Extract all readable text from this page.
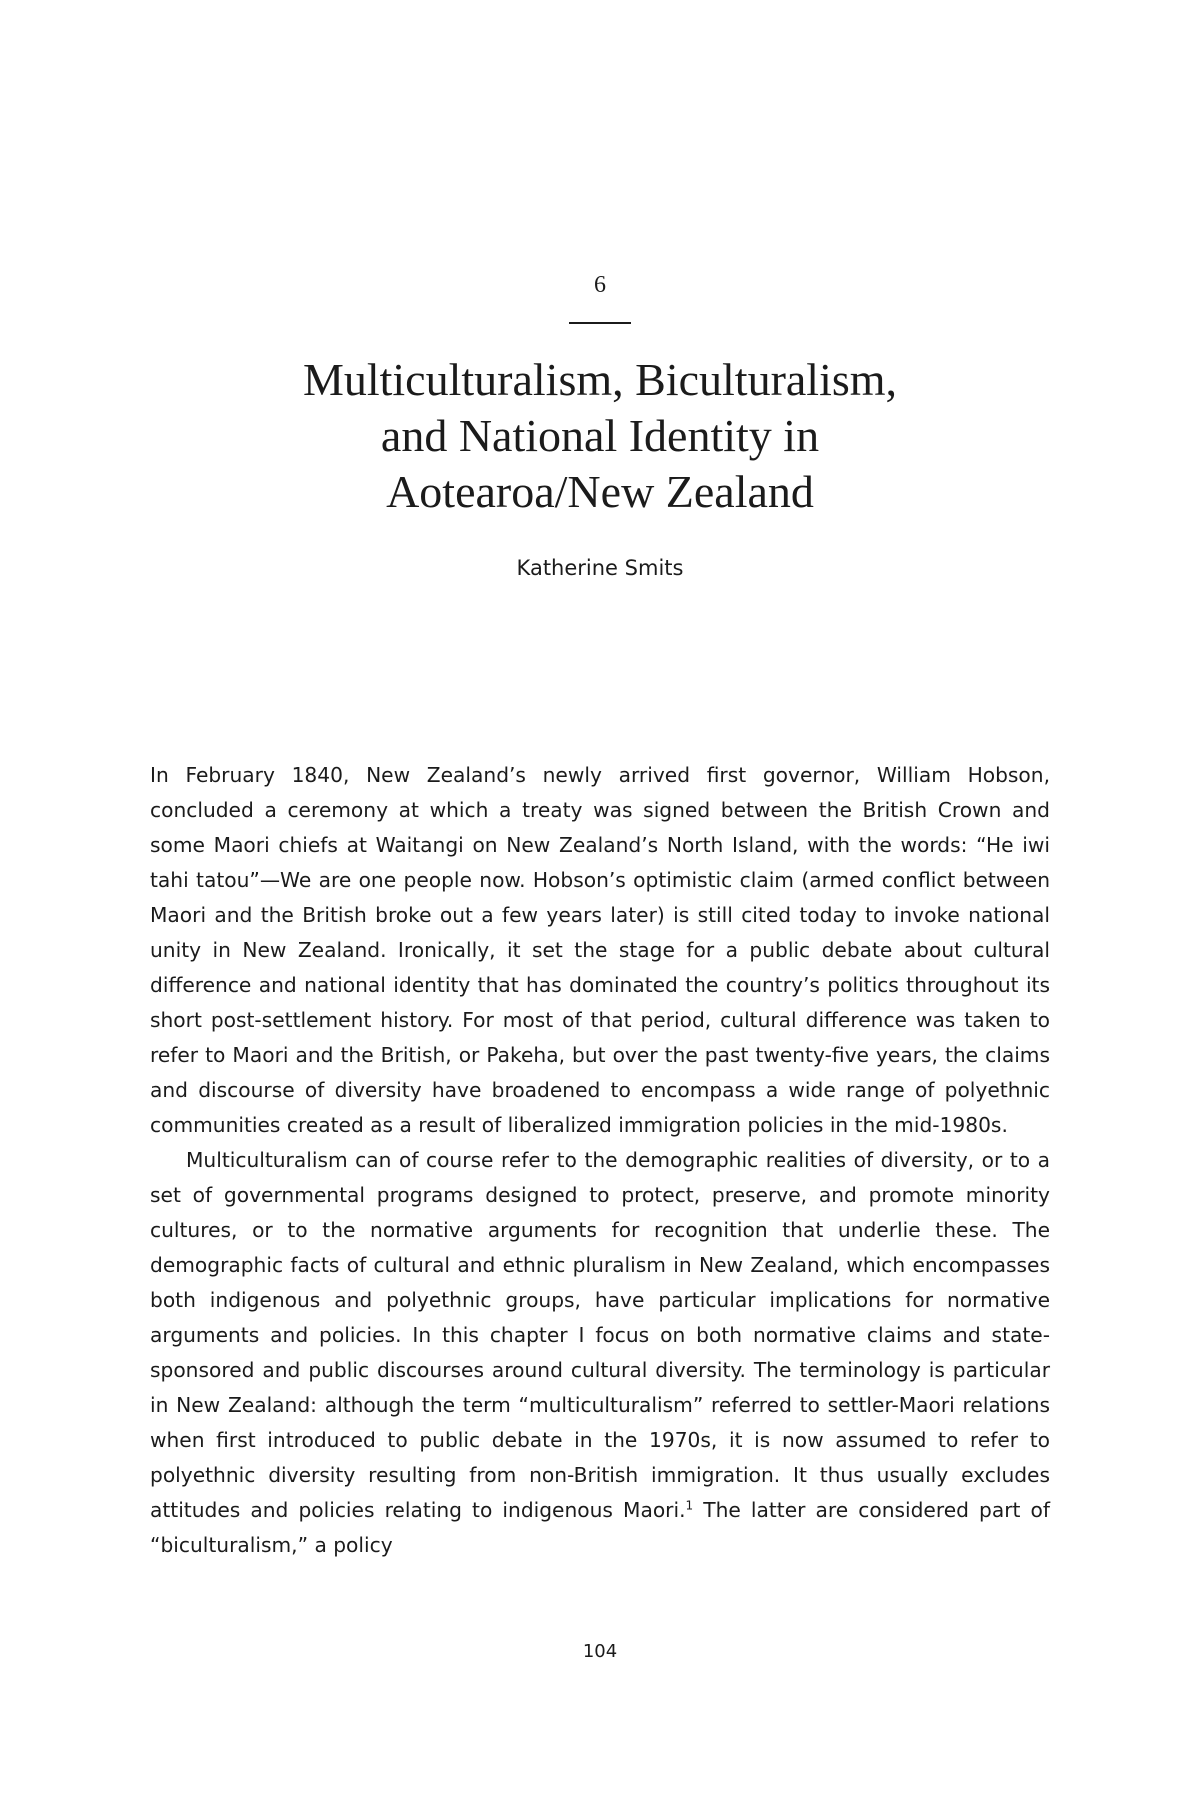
6
Multiculturalism, Biculturalism,
and National Identity in
Aotearoa/New Zealand
Katherine Smits

In February 1840, New Zealand’s newly arrived first governor, William Hobson, concluded a ceremony at which a treaty was signed between the British Crown and some Maori chiefs at Waitangi on New Zealand’s North Island, with the words: “He iwi tahi tatou”—We are one people now. Hobson’s optimistic claim (armed conflict between Maori and the British broke out a few years later) is still cited today to invoke national unity in New Zealand. Ironically, it set the stage for a public debate about cultural difference and national identity that has dominated the country’s politics throughout its short post-settlement history. For most of that period, cultural difference was taken to refer to Maori and the British, or Pakeha, but over the past twenty-five years, the claims and discourse of diversity have broadened to encompass a wide range of polyethnic communities created as a result of liberalized immigration policies in the mid-1980s.

Multiculturalism can of course refer to the demographic realities of diversity, or to a set of governmental programs designed to protect, preserve, and promote minority cultures, or to the normative arguments for recognition that underlie these. The demographic facts of cultural and ethnic pluralism in New Zealand, which encompasses both indigenous and polyethnic groups, have particular implications for normative arguments and policies. In this chapter I focus on both normative claims and state-sponsored and public discourses around cultural diversity. The terminology is particular in New Zealand: although the term “multiculturalism” referred to settler-Maori relations when first introduced to public debate in the 1970s, it is now assumed to refer to polyethnic diversity resulting from non-British immigration. It thus usually excludes attitudes and policies relating to indigenous Maori.$^1$ The latter are considered part of “biculturalism,” a policy

104
